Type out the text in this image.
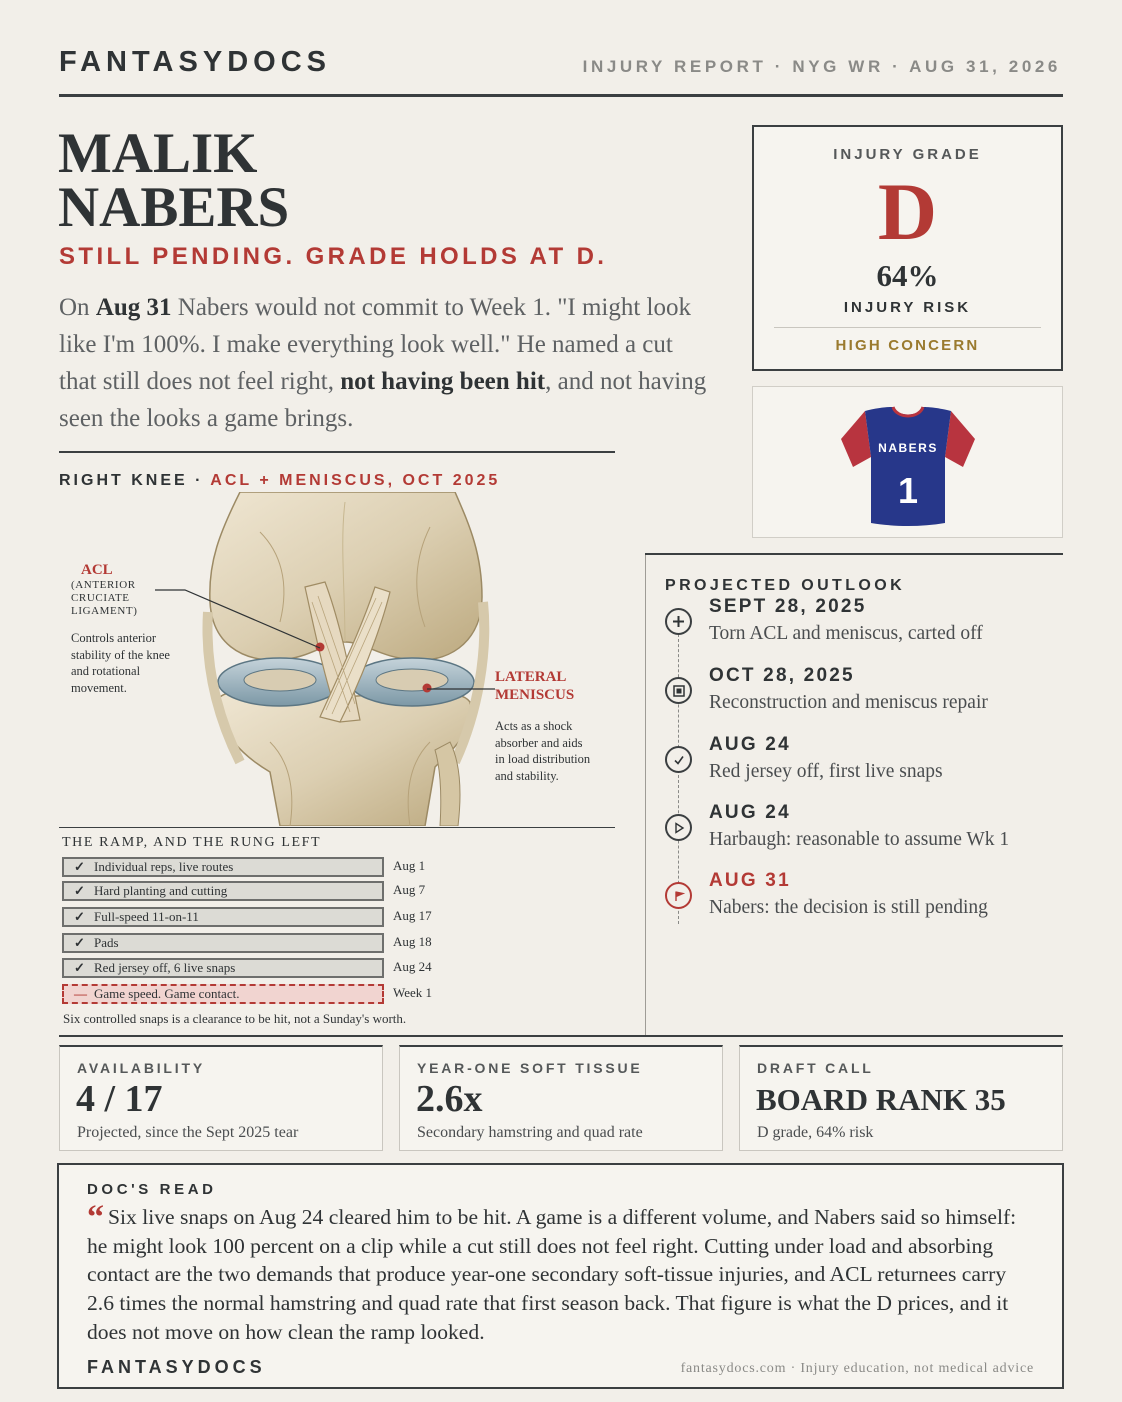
FANTASYDOCS	INJURY REPORT · NYG WR · AUG 31, 2026
MALIK
NABERS
STILL PENDING. GRADE HOLDS AT D.
On Aug 31 Nabers would not commit to Week 1. "I might look like I'm 100%. I make everything look well." He named a cut that still does not feel right, not having been hit, and not having seen the looks a game brings.
RIGHT KNEE · ACL + MENISCUS, OCT 2025
ACL
(ANTERIOR
CRUCIATE
LIGAMENT)
Controls anterior
stability of the knee
and rotational
movement.
LATERAL
MENISCUS
Acts as a shock
absorber and aids
in load distribution
and stability.
THE RAMP, AND THE RUNG LEFT
✓ Individual reps, live routes	Aug 1
✓ Hard planting and cutting	Aug 7
✓ Full-speed 11-on-11	Aug 17
✓ Pads	Aug 18
✓ Red jersey off, 6 live snaps	Aug 24
— Game speed. Game contact.	Week 1
Six controlled snaps is a clearance to be hit, not a Sunday's worth.
INJURY GRADE
D
64%
INJURY RISK
HIGH CONCERN
NABERS
1
PROJECTED OUTLOOK
SEPT 28, 2025
Torn ACL and meniscus, carted off
OCT 28, 2025
Reconstruction and meniscus repair
AUG 24
Red jersey off, first live snaps
AUG 24
Harbaugh: reasonable to assume Wk 1
AUG 31
Nabers: the decision is still pending
AVAILABILITY
4 / 17
Projected, since the Sept 2025 tear
YEAR-ONE SOFT TISSUE
2.6x
Secondary hamstring and quad rate
DRAFT CALL
BOARD RANK 35
D grade, 64% risk
DOC'S READ
“ Six live snaps on Aug 24 cleared him to be hit. A game is a different volume, and Nabers said so himself: he might look 100 percent on a clip while a cut still does not feel right. Cutting under load and absorbing contact are the two demands that produce year-one secondary soft-tissue injuries, and ACL returnees carry 2.6 times the normal hamstring and quad rate that first season back. That figure is what the D prices, and it does not move on how clean the ramp looked.
FANTASYDOCS	fantasydocs.com · Injury education, not medical advice
